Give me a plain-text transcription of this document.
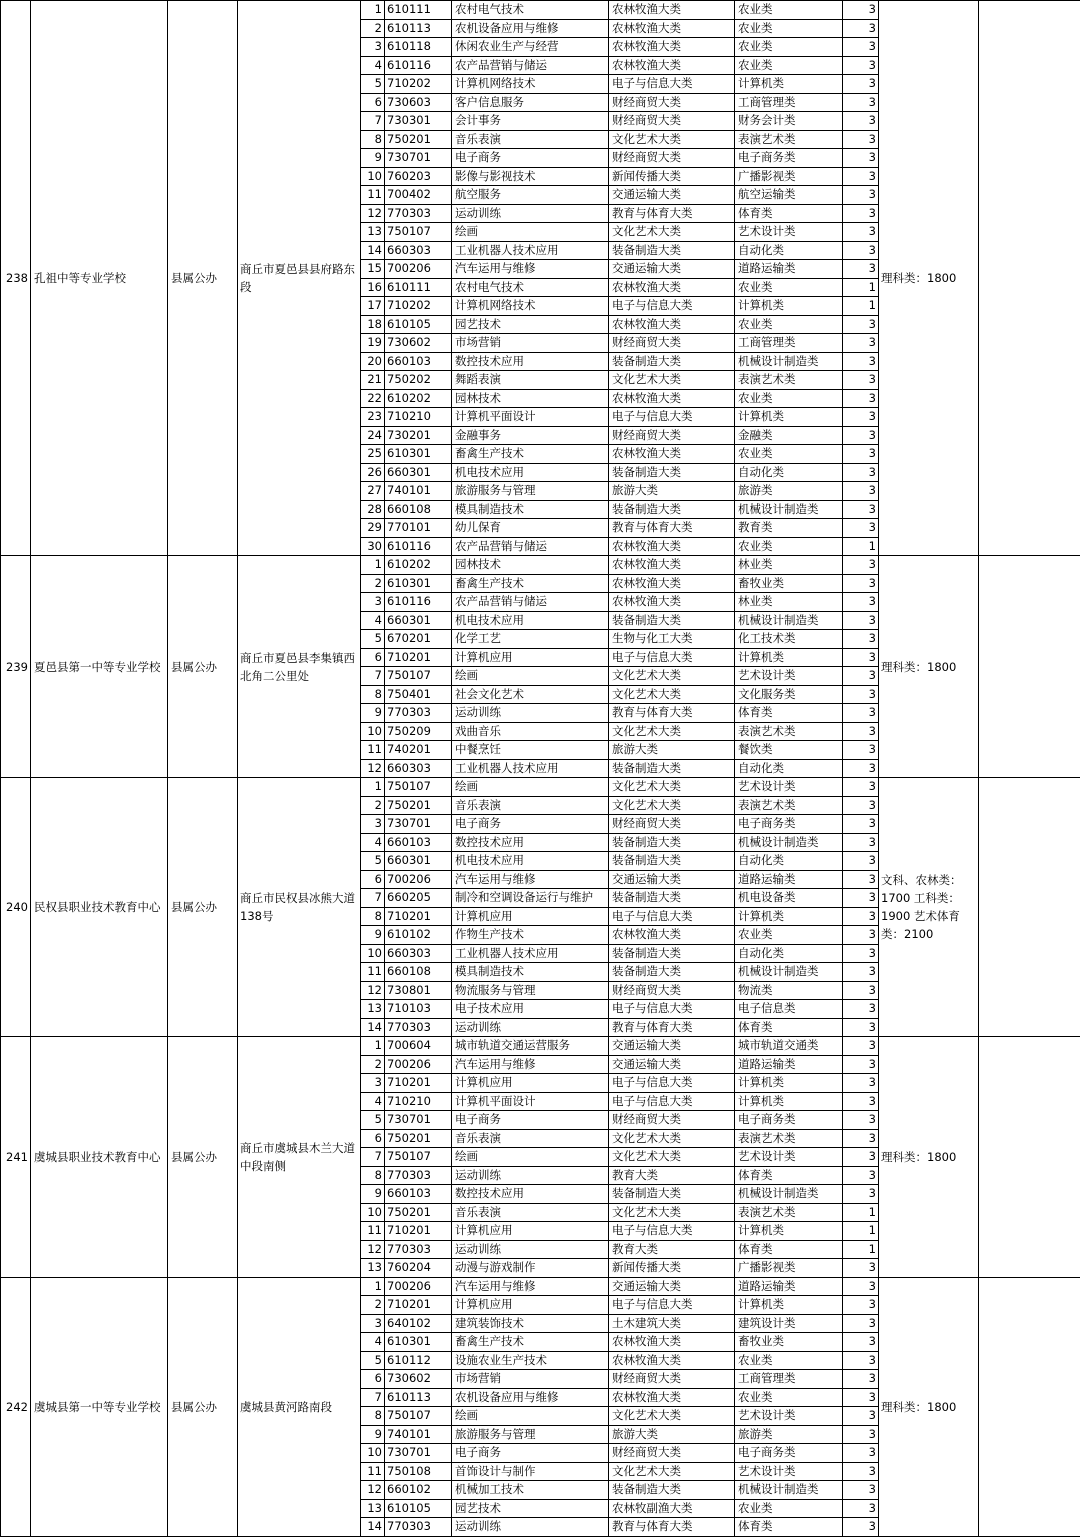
238	孔祖中等专业学校	县属公办	商丘市夏邑县县府路东段	1	610111	农村电气技术	农林牧渔大类	农业类	3	理科类：1800	
				2	610113	农机设备应用与维修	农林牧渔大类	农业类	3		
				3	610118	休闲农业生产与经营	农林牧渔大类	农业类	3		
				4	610116	农产品营销与储运	农林牧渔大类	农业类	3		
				5	710202	计算机网络技术	电子与信息大类	计算机类	3		
				6	730603	客户信息服务	财经商贸大类	工商管理类	3		
				7	730301	会计事务	财经商贸大类	财务会计类	3		
				8	750201	音乐表演	文化艺术大类	表演艺术类	3		
				9	730701	电子商务	财经商贸大类	电子商务类	3		
				10	760203	影像与影视技术	新闻传播大类	广播影视类	3		
				11	700402	航空服务	交通运输大类	航空运输类	3		
				12	770303	运动训练	教育与体育大类	体育类	3		
				13	750107	绘画	文化艺术大类	艺术设计类	3		
				14	660303	工业机器人技术应用	装备制造大类	自动化类	3		
				15	700206	汽车运用与维修	交通运输大类	道路运输类	3		
				16	610111	农村电气技术	农林牧渔大类	农业类	1		
				17	710202	计算机网络技术	电子与信息大类	计算机类	1		
				18	610105	园艺技术	农林牧渔大类	农业类	3		
				19	730602	市场营销	财经商贸大类	工商管理类	3		
				20	660103	数控技术应用	装备制造大类	机械设计制造类	3		
				21	750202	舞蹈表演	文化艺术大类	表演艺术类	3		
				22	610202	园林技术	农林牧渔大类	农业类	3		
				23	710210	计算机平面设计	电子与信息大类	计算机类	3		
				24	730201	金融事务	财经商贸大类	金融类	3		
				25	610301	畜禽生产技术	农林牧渔大类	农业类	3		
				26	660301	机电技术应用	装备制造大类	自动化类	3		
				27	740101	旅游服务与管理	旅游大类	旅游类	3		
				28	660108	模具制造技术	装备制造大类	机械设计制造类	3		
				29	770101	幼儿保育	教育与体育大类	教育类	3		
				30	610116	农产品营销与储运	农林牧渔大类	农业类	1		
239	夏邑县第一中等专业学校	县属公办	商丘市夏邑县李集镇西北角二公里处	1	610202	园林技术	农林牧渔大类	林业类	3	理科类：1800	
				2	610301	畜禽生产技术	农林牧渔大类	畜牧业类	3		
				3	610116	农产品营销与储运	农林牧渔大类	林业类	3		
				4	660301	机电技术应用	装备制造大类	机械设计制造类	3		
				5	670201	化学工艺	生物与化工大类	化工技术类	3		
				6	710201	计算机应用	电子与信息大类	计算机类	3		
				7	750107	绘画	文化艺术大类	艺术设计类	3		
				8	750401	社会文化艺术	文化艺术大类	文化服务类	3		
				9	770303	运动训练	教育与体育大类	体育类	3		
				10	750209	戏曲音乐	文化艺术大类	表演艺术类	3		
				11	740201	中餐烹饪	旅游大类	餐饮类	3		
				12	660303	工业机器人技术应用	装备制造大类	自动化类	3		
240	民权县职业技术教育中心	县属公办	商丘市民权县冰熊大道138号	1	750107	绘画	文化艺术大类	艺术设计类	3	文科、农林类：1700 工科类：1900 艺术体育类：2100	
				2	750201	音乐表演	文化艺术大类	表演艺术类	3		
				3	730701	电子商务	财经商贸大类	电子商务类	3		
				4	660103	数控技术应用	装备制造大类	机械设计制造类	3		
				5	660301	机电技术应用	装备制造大类	自动化类	3		
				6	700206	汽车运用与维修	交通运输大类	道路运输类	3		
				7	660205	制冷和空调设备运行与维护	装备制造大类	机电设备类	3		
				8	710201	计算机应用	电子与信息大类	计算机类	3		
				9	610102	作物生产技术	农林牧渔大类	农业类	3		
				10	660303	工业机器人技术应用	装备制造大类	自动化类	3		
				11	660108	模具制造技术	装备制造大类	机械设计制造类	3		
				12	730801	物流服务与管理	财经商贸大类	物流类	3		
				13	710103	电子技术应用	电子与信息大类	电子信息类	3		
				14	770303	运动训练	教育与体育大类	体育类	3		
241	虞城县职业技术教育中心	县属公办	商丘市虞城县木兰大道中段南侧	1	700604	城市轨道交通运营服务	交通运输大类	城市轨道交通类	3	理科类：1800	
				2	700206	汽车运用与维修	交通运输大类	道路运输类	3		
				3	710201	计算机应用	电子与信息大类	计算机类	3		
				4	710210	计算机平面设计	电子与信息大类	计算机类	3		
				5	730701	电子商务	财经商贸大类	电子商务类	3		
				6	750201	音乐表演	文化艺术大类	表演艺术类	3		
				7	750107	绘画	文化艺术大类	艺术设计类	3		
				8	770303	运动训练	教育大类	体育类	3		
				9	660103	数控技术应用	装备制造大类	机械设计制造类	3		
				10	750201	音乐表演	文化艺术大类	表演艺术类	1		
				11	710201	计算机应用	电子与信息大类	计算机类	1		
				12	770303	运动训练	教育大类	体育类	1		
				13	760204	动漫与游戏制作	新闻传播大类	广播影视类	3		
242	虞城县第一中等专业学校	县属公办	虞城县黄河路南段	1	700206	汽车运用与维修	交通运输大类	道路运输类	3	理科类：1800	
				2	710201	计算机应用	电子与信息大类	计算机类	3		
				3	640102	建筑装饰技术	土木建筑大类	建筑设计类	3		
				4	610301	畜禽生产技术	农林牧渔大类	畜牧业类	3		
				5	610112	设施农业生产技术	农林牧渔大类	农业类	3		
				6	730602	市场营销	财经商贸大类	工商管理类	3		
				7	610113	农机设备应用与维修	农林牧渔大类	农业类	3		
				8	750107	绘画	文化艺术大类	艺术设计类	3		
				9	740101	旅游服务与管理	旅游大类	旅游类	3		
				10	730701	电子商务	财经商贸大类	电子商务类	3		
				11	750108	首饰设计与制作	文化艺术大类	艺术设计类	3		
				12	660102	机械加工技术	装备制造大类	机械设计制造类	3		
				13	610105	园艺技术	农林牧副渔大类	农业类	3		
				14	770303	运动训练	教育与体育大类	体育类	3		
